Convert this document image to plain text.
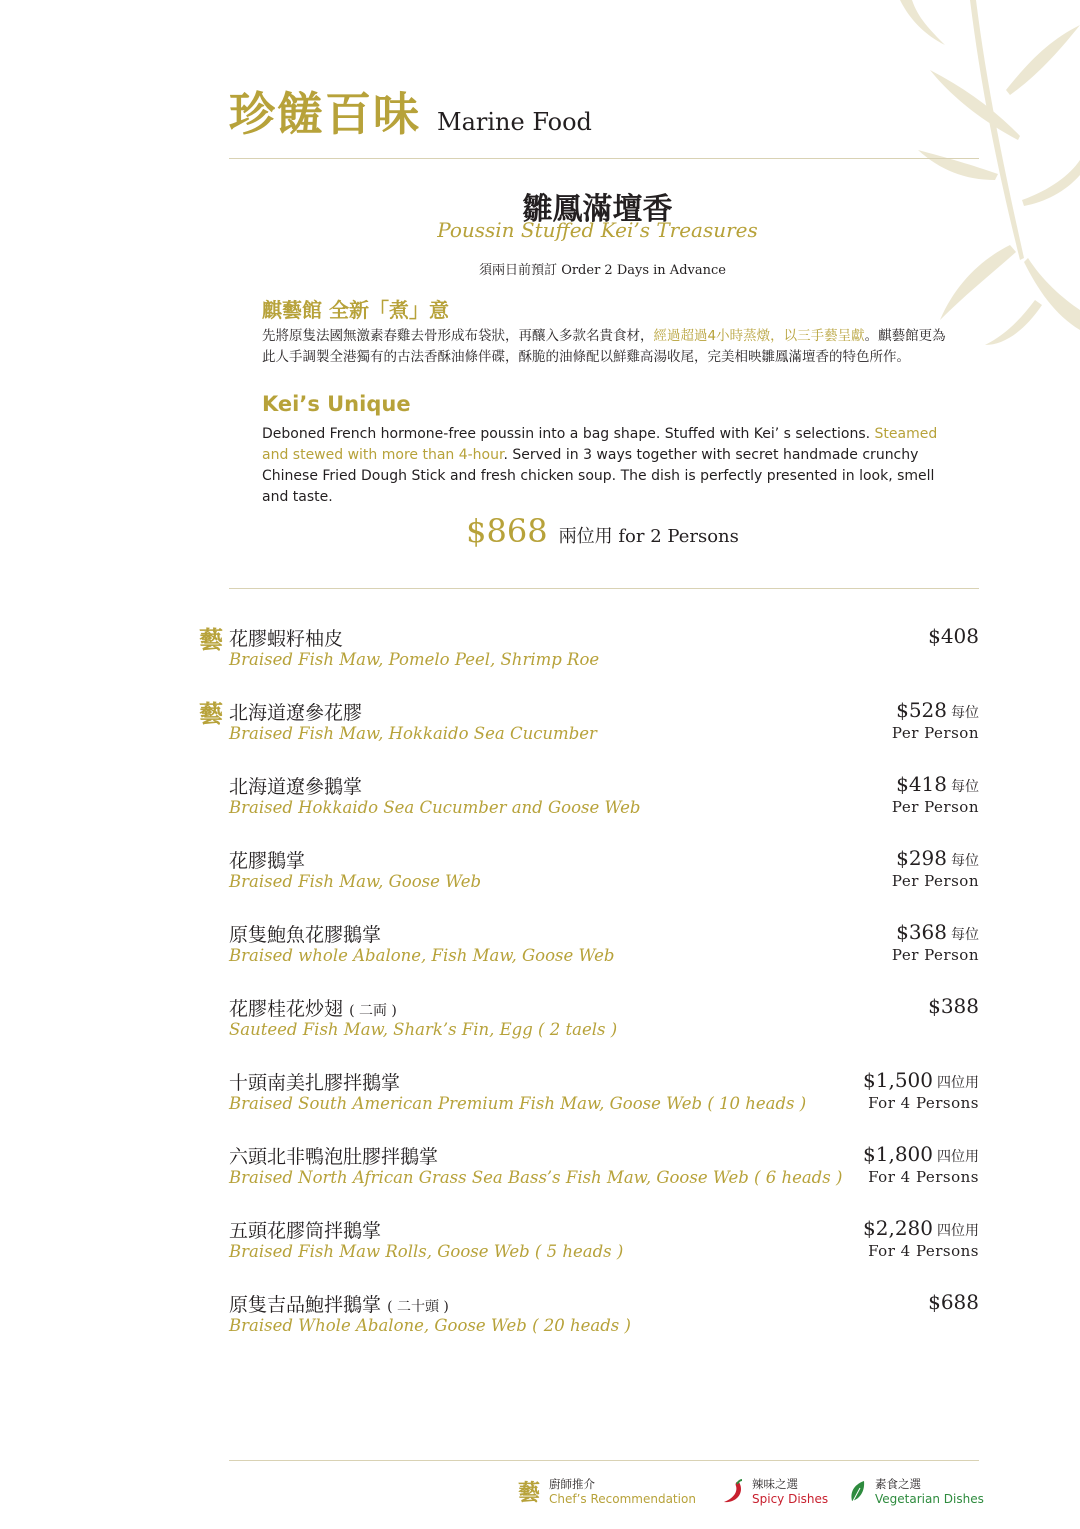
珍饈百味 Marine Food
雛鳳滿壇香
Poussin Stuffed Kei’s Treasures
須兩日前預訂 Order 2 Days in Advance
麒藝館 全新「煮」意
先將原隻法國無激素春雞去骨形成布袋狀，再釀入多款名貴食材，經過超過4小時蒸燉，以三手藝呈獻。麒藝館更為此人手調製全港獨有的古法香酥油條伴碟，酥脆的油條配以鮮雞高湯收尾，完美相映雛鳳滿壇香的特色所作。
Kei’s Unique
Deboned French hormone-free poussin into a bag shape. Stuffed with Kei’ s selections. Steamed and stewed with more than 4-hour. Served in 3 ways together with secret handmade crunchy Chinese Fried Dough Stick and fresh chicken soup. The dish is perfectly presented in look, smell and taste.
$868 兩位用 for 2 Persons
藝 花膠蝦籽柚皮
Braised Fish Maw, Pomelo Peel, Shrimp Roe
$408
藝 北海道遼參花膠
Braised Fish Maw, Hokkaido Sea Cucumber
$528 每位
Per Person
北海道遼參鵝掌
Braised Hokkaido Sea Cucumber and Goose Web
$418 每位
Per Person
花膠鵝掌
Braised Fish Maw, Goose Web
$298 每位
Per Person
原隻鮑魚花膠鵝掌
Braised whole Abalone, Fish Maw, Goose Web
$368 每位
Per Person
花膠桂花炒翅 ( 二両 )
Sauteed Fish Maw, Shark’s Fin, Egg ( 2 taels )
$388
十頭南美扎膠拌鵝掌
Braised South American Premium Fish Maw, Goose Web ( 10 heads )
$1,500 四位用
For 4 Persons
六頭北非鴨泡肚膠拌鵝掌
Braised North African Grass Sea Bass’s Fish Maw, Goose Web ( 6 heads )
$1,800 四位用
For 4 Persons
五頭花膠筒拌鵝掌
Braised Fish Maw Rolls, Goose Web ( 5 heads )
$2,280 四位用
For 4 Persons
原隻吉品鮑拌鵝掌 ( 二十頭 )
Braised Whole Abalone, Goose Web ( 20 heads )
$688
藝 廚師推介
Chef’s Recommendation
辣味之選
Spicy Dishes
素食之選
Vegetarian Dishes
